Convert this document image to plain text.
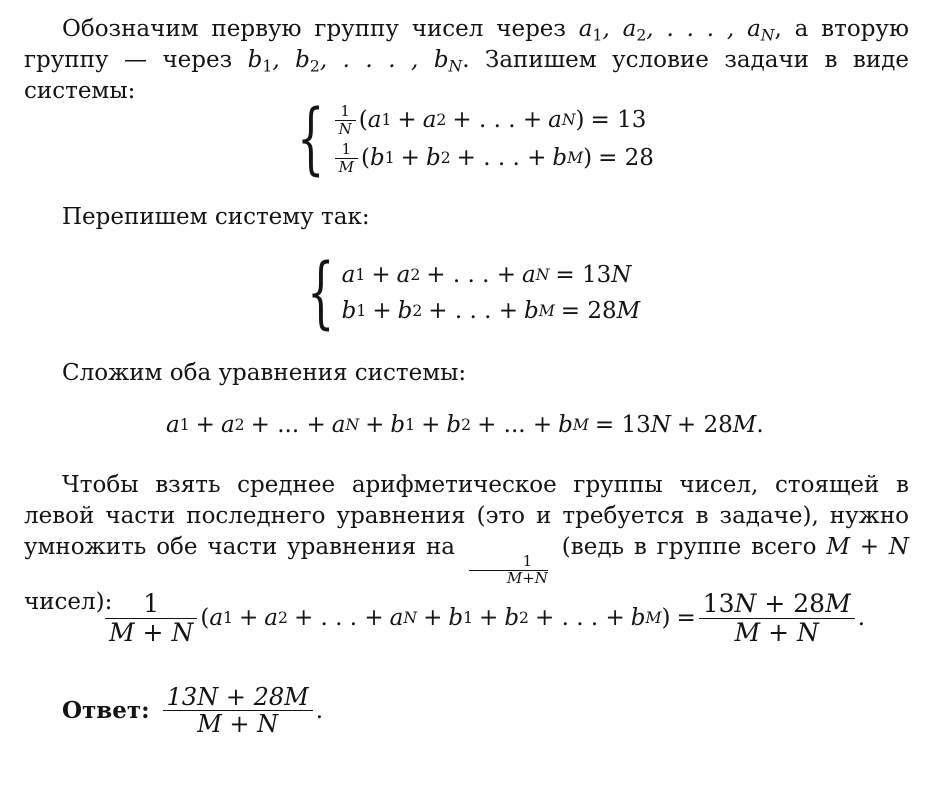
Обозначим первую группу чисел через $a_1$, $a_2$, . . . , $a_N$, а вторую группу — через $b_1$, $b_2$, . . . , $b_N$. Запишем условие задачи в виде системы:
{ $\frac{1}{N}$ ( a 1 + a 2 + . . . + a N ) = 13
$\frac{1}{M}$ ( b 1 + b 2 + . . . + b M ) = 28
Перепишем систему так:
{ a 1 + a 2 + . . . + a N = 13 N
b 1 + b 2 + . . . + b M = 28 M
Сложим оба уравнения системы:
a 1 + a 2 + ... + a N + b 1 + b 2 + ... + b M = 13 N + 28 M .
Чтобы взять среднее арифметическое группы чисел, стоящей в левой части последнего уравнения (это и требуется в задаче), нужно умножить обе части уравнения на
$\frac{1}{M+N}$
(ведь в группе всего M + N чисел):
$\frac{1}{M + N}$ ( a 1 + a 2 + . . . + a N + b 1 + b 2 + . . . + b M ) = $\frac{13N + 28M}{M + N}$ .
Ответ: $\frac{13N + 28M}{M + N}$ .
